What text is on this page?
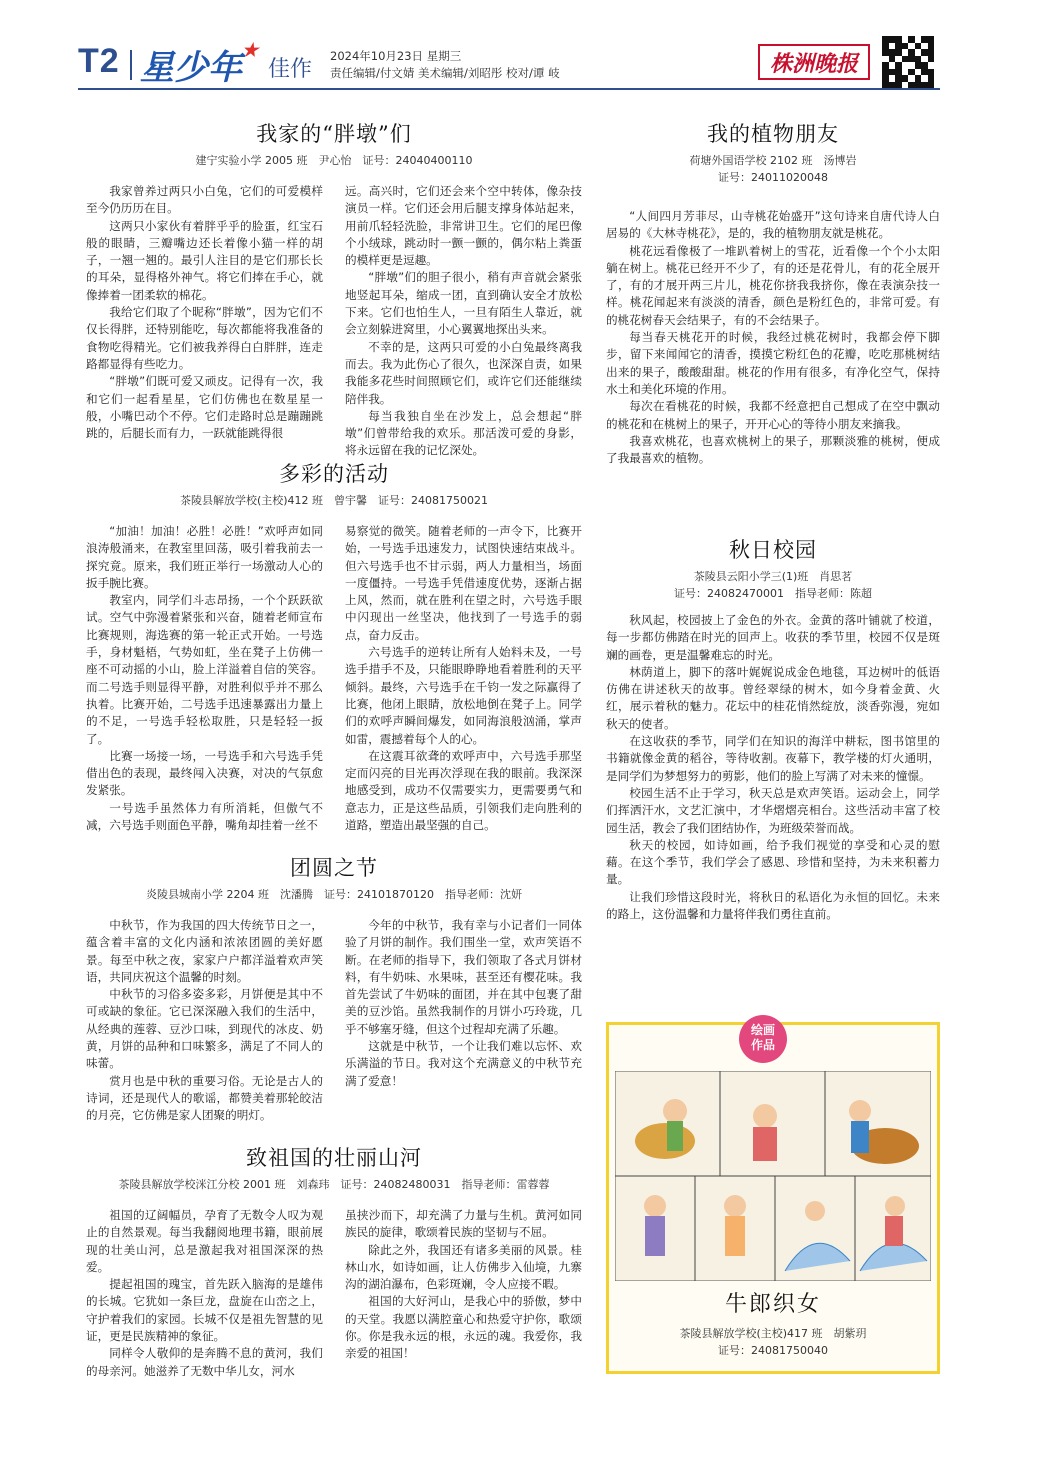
T2 星少年★
佳作
2024年10月23日 星期三
责任编辑/付文婧 美术编辑/刘昭彤 校对/谭 岐	株洲晚报
我家的“胖墩”们
建宁实验小学 2005 班　尹心怡　证号：24040400110

我家曾养过两只小白兔，它们的可爱模样至今仍历历在目。

这两只小家伙有着胖乎乎的脸蛋，红宝石般的眼睛，三瓣嘴边还长着像小猫一样的胡子，一翘一翘的。最引人注目的是它们那长长的耳朵，显得格外神气。将它们捧在手心，就像捧着一团柔软的棉花。

我给它们取了个昵称“胖墩”，因为它们不仅长得胖，还特别能吃，每次都能将我准备的食物吃得精光。它们被我养得白白胖胖，连走路都显得有些吃力。

“胖墩”们既可爱又顽皮。记得有一次，我和它们一起看星星，它们仿佛也在数星星一般，小嘴巴动个不停。它们走路时总是蹦蹦跳跳的，后腿长而有力，一跃就能跳得很

远。高兴时，它们还会来个空中转体，像杂技演员一样。它们还会用后腿支撑身体站起来，用前爪轻轻洗脸，非常讲卫生。它们的尾巴像个小绒球，跳动时一颤一颤的，偶尔粘上粪蛋的模样更是逗趣。

“胖墩”们的胆子很小，稍有声音就会紧张地竖起耳朵，缩成一团，直到确认安全才放松下来。它们也怕生人，一旦有陌生人靠近，就会立刻躲进窝里，小心翼翼地探出头来。

不幸的是，这两只可爱的小白兔最终离我而去。我为此伤心了很久，也深深自责，如果我能多花些时间照顾它们，或许它们还能继续陪伴我。

每当我独自坐在沙发上，总会想起“胖墩”们曾带给我的欢乐。那活泼可爱的身影，将永远留在我的记忆深处。

多彩的活动
茶陵县解放学校(主校)412 班　曾宇馨　证号：24081750021

“加油！加油！必胜！必胜！”欢呼声如同浪涛般涌来，在教室里回荡，吸引着我前去一探究竟。原来，我们班正举行一场激动人心的扳手腕比赛。

教室内，同学们斗志昂扬，一个个跃跃欲试。空气中弥漫着紧张和兴奋，随着老师宣布比赛规则，海选赛的第一轮正式开始。一号选手，身材魁梧，气势如虹，坐在凳子上仿佛一座不可动摇的小山，脸上洋溢着自信的笑容。而二号选手则显得平静，对胜利似乎并不那么执着。比赛开始，二号选手迅速暴露出力量上的不足，一号选手轻松取胜，只是轻轻一扳了。

比赛一场接一场，一号选手和六号选手凭借出色的表现，最终闯入决赛，对决的气氛愈发紧张。

一号选手虽然体力有所消耗，但傲气不减，六号选手则面色平静，嘴角却挂着一丝不

易察觉的微笑。随着老师的一声令下，比赛开始，一号选手迅速发力，试图快速结束战斗。但六号选手也不甘示弱，两人力量相当，场面一度僵持。一号选手凭借速度优势，逐渐占据上风，然而，就在胜利在望之时，六号选手眼中闪现出一丝坚决，他找到了一号选手的弱点，奋力反击。

六号选手的逆转让所有人始料未及，一号选手措手不及，只能眼睁睁地看着胜利的天平倾斜。最终，六号选手在千钧一发之际赢得了比赛，他闭上眼睛，放松地倒在凳子上。同学们的欢呼声瞬间爆发，如同海浪般汹涌，掌声如雷，震撼着每个人的心。

在这震耳欲聋的欢呼声中，六号选手那坚定而闪亮的目光再次浮现在我的眼前。我深深地感受到，成功不仅需要实力，更需要勇气和意志力，正是这些品质，引领我们走向胜利的道路，塑造出最坚强的自己。

团圆之节
炎陵县城南小学 2204 班　沈潘腾　证号：24101870120　指导老师：沈妍

中秋节，作为我国的四大传统节日之一，蕴含着丰富的文化内涵和浓浓团圆的美好愿景。每至中秋之夜，家家户户都洋溢着欢声笑语，共同庆祝这个温馨的时刻。

中秋节的习俗多姿多彩，月饼便是其中不可或缺的象征。它已深深融入我们的生活中，从经典的莲蓉、豆沙口味，到现代的冰皮、奶黄，月饼的品种和口味繁多，满足了不同人的味蕾。

赏月也是中秋的重要习俗。无论是古人的诗词，还是现代人的歌谣，都赞美着那轮皎洁的月亮，它仿佛是家人团聚的明灯。

今年的中秋节，我有幸与小记者们一同体验了月饼的制作。我们围坐一堂，欢声笑语不断。在老师的指导下，我们领取了各式月饼材料，有牛奶味、水果味，甚至还有樱花味。我首先尝试了牛奶味的面团，并在其中包裹了甜美的豆沙馅。虽然我制作的月饼小巧玲珑，几乎不够塞牙缝，但这个过程却充满了乐趣。

这就是中秋节，一个让我们难以忘怀、欢乐满溢的节日。我对这个充满意义的中秋节充满了爱意！

致祖国的壮丽山河
茶陵县解放学校洣江分校 2001 班　刘森玮　证号：24082480031　指导老师：雷蓉蓉

祖国的辽阔幅员，孕育了无数令人叹为观止的自然景观。每当我翻阅地理书籍，眼前展现的壮美山河，总是激起我对祖国深深的热爱。

提起祖国的瑰宝，首先跃入脑海的是雄伟的长城。它犹如一条巨龙，盘旋在山峦之上，守护着我们的家园。长城不仅是祖先智慧的见证，更是民族精神的象征。

同样令人敬仰的是奔腾不息的黄河，我们的母亲河。她滋养了无数中华儿女，河水

虽挟沙而下，却充满了力量与生机。黄河如同族民的旋律，歌颂着民族的坚韧与不屈。

除此之外，我国还有诸多美丽的风景。桂林山水，如诗如画，让人仿佛步入仙境，九寨沟的湖泊瀑布，色彩斑斓，令人应接不暇。

祖国的大好河山，是我心中的骄傲，梦中的天堂。我愿以满腔童心和热爱守护你，歌颂你。你是我永远的根，永远的魂。我爱你，我亲爱的祖国！

我的植物朋友
荷塘外国语学校 2102 班　汤博岩
证号：24011020048

“人间四月芳菲尽，山寺桃花始盛开”这句诗来自唐代诗人白居易的《大林寺桃花》，是的，我的植物朋友就是桃花。

桃花远看像极了一堆趴着树上的雪花，近看像一个个小太阳躺在树上。桃花已经开不少了，有的还是花骨儿，有的花全展开了，有的才展开两三片儿，桃花你挤我我挤你，像在表演杂技一样。桃花闻起来有淡淡的清香，颜色是粉红色的，非常可爱。有的桃花树春天会结果子，有的不会结果子。

每当春天桃花开的时候，我经过桃花树时，我都会停下脚步，留下来闻闻它的清香，摸摸它粉红色的花瓣，吃吃那桃树结出来的果子，酸酸甜甜。桃花的作用有很多，有净化空气，保持水土和美化环境的作用。

每次在看桃花的时候，我都不经意把自己想成了在空中飘动的桃花和在桃树上的果子，开开心心的等待小朋友来摘我。

我喜欢桃花，也喜欢桃树上的果子，那颗淡雅的桃树，便成了我最喜欢的植物。

秋日校园
茶陵县云阳小学三(1)班　肖思茗
证号：24082470001　指导老师：陈超

秋风起，校园披上了金色的外衣。金黄的落叶铺就了校道，每一步都仿佛踏在时光的回声上。收获的季节里，校园不仅是斑斓的画卷，更是温馨难忘的时光。

林荫道上，脚下的落叶娓娓说成金色地毯，耳边树叶的低语仿佛在讲述秋天的故事。曾经翠绿的树木，如今身着金黄、火红，展示着秋的魅力。花坛中的桂花悄然绽放，淡香弥漫，宛如秋天的使者。

在这收获的季节，同学们在知识的海洋中耕耘，图书馆里的书籍就像金黄的稻谷，等待收割。夜幕下，教学楼的灯火通明，是同学们为梦想努力的剪影，他们的脸上写满了对未来的憧憬。

校园生活不止于学习，秋天总是欢声笑语。运动会上，同学们挥洒汗水，文艺汇演中，才华熠熠亮相台。这些活动丰富了校园生活，教会了我们团结协作，为班级荣誉而战。

秋天的校园，如诗如画，给予我们视觉的享受和心灵的慰藉。在这个季节，我们学会了感恩、珍惜和坚持，为未来积蓄力量。

让我们珍惜这段时光，将秋日的私语化为永恒的回忆。未来的路上，这份温馨和力量将伴我们勇往直前。

绘画
作品
牛郎织女
茶陵县解放学校(主校)417 班　胡紫玥
证号：24081750040
